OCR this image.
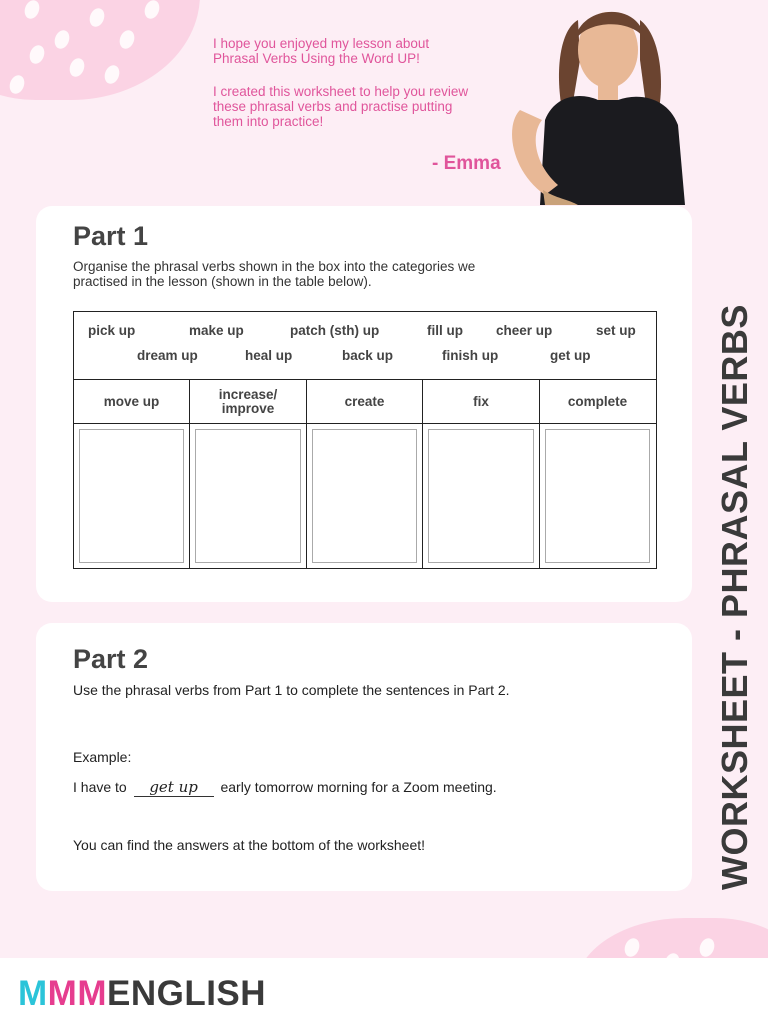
I hope you enjoyed my lesson about
Phrasal Verbs Using the Word UP!

I created this worksheet to help you review
these phrasal verbs and practise putting
them into practice!

- Emma
Part 1
Organise the phrasal verbs shown in the box into the categories we
practised in the lesson (shown in the table below).
pick up	make up	patch (sth) up	fill up cheer up	set up
dream up	heal up	back up	finish up	get up
move up	increase/
improve	create	fix	complete
Part 2
Use the phrasal verbs from Part 1 to complete the sentences in Part 2.
Example:
I have to get up early tomorrow morning for a Zoom meeting.
You can find the answers at the bottom of the worksheet!	WORKSHEET - PHRASAL VERBS
MMMENGLISH
